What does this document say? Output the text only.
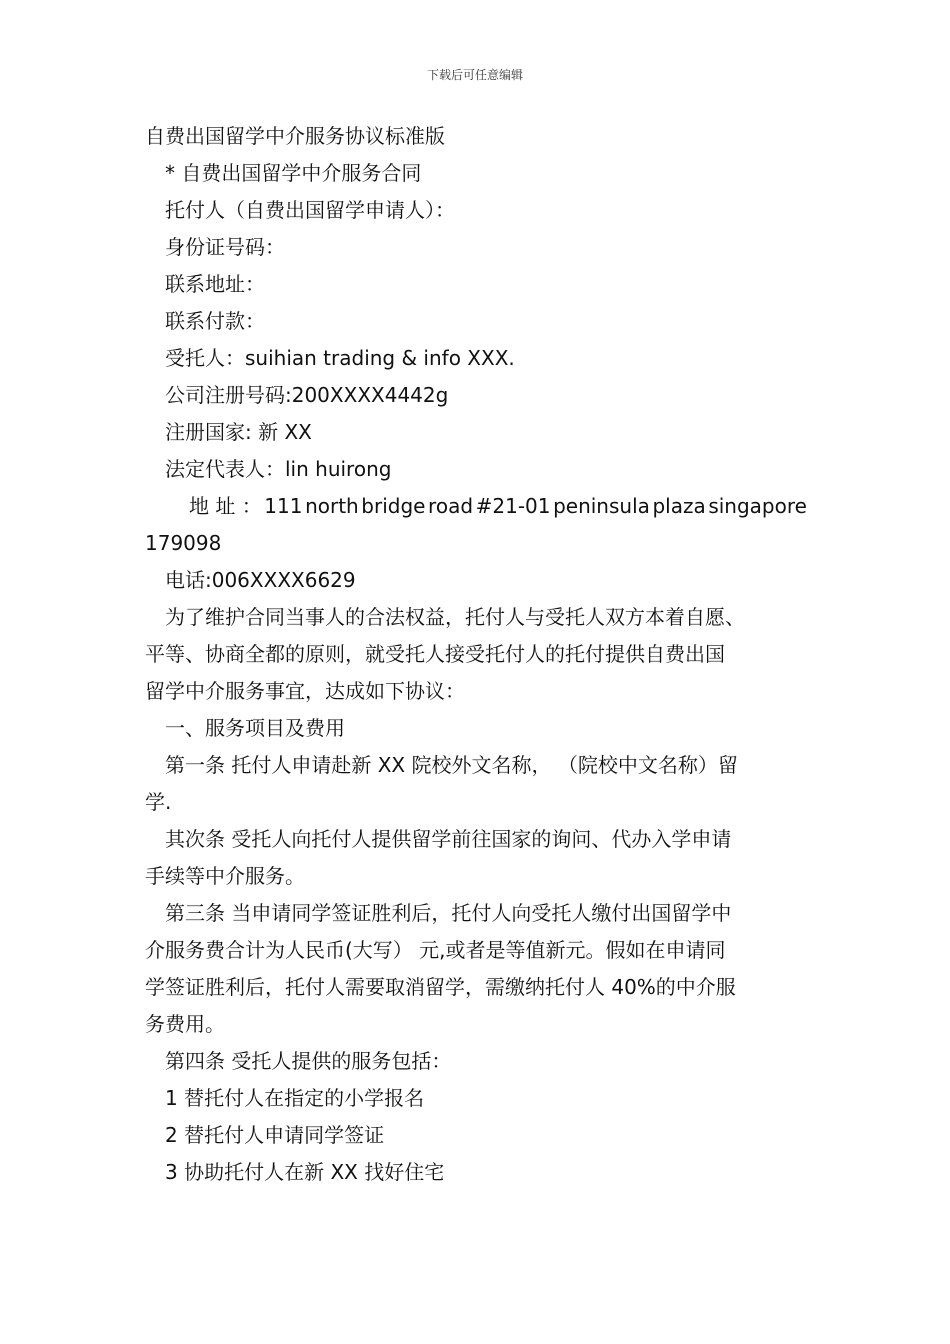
下载后可任意编辑
自费出国留学中介服务协议标准版
* 自费出国留学中介服务合同
托付人（自费出国留学申请人）：
身份证号码：
联系地址：
联系付款：
受托人：suihian trading & info XXX.
公司注册号码:200XXXX4442g
注册国家: 新 XX
法定代表人：lin huirong
地 址 ： 111 north bridge road #21-01 peninsula plaza singapore
179098
电话:006XXXX6629
为了维护合同当事人的合法权益，托付人与受托人双方本着自愿、
平等、协商全都的原则，就受托人接受托付人的托付提供自费出国
留学中介服务事宜，达成如下协议：
一、服务项目及费用
第一条 托付人申请赴新 XX 院校外文名称， （院校中文名称）留
学.
其次条 受托人向托付人提供留学前往国家的询问、代办入学申请
手续等中介服务。
第三条 当申请同学签证胜利后，托付人向受托人缴付出国留学中
介服务费合计为人民币(大写） 元,或者是等值新元。假如在申请同
学签证胜利后，托付人需要取消留学，需缴纳托付人 40%的中介服
务费用。
第四条 受托人提供的服务包括：
1 替托付人在指定的小学报名
2 替托付人申请同学签证
3 协助托付人在新 XX 找好住宅
